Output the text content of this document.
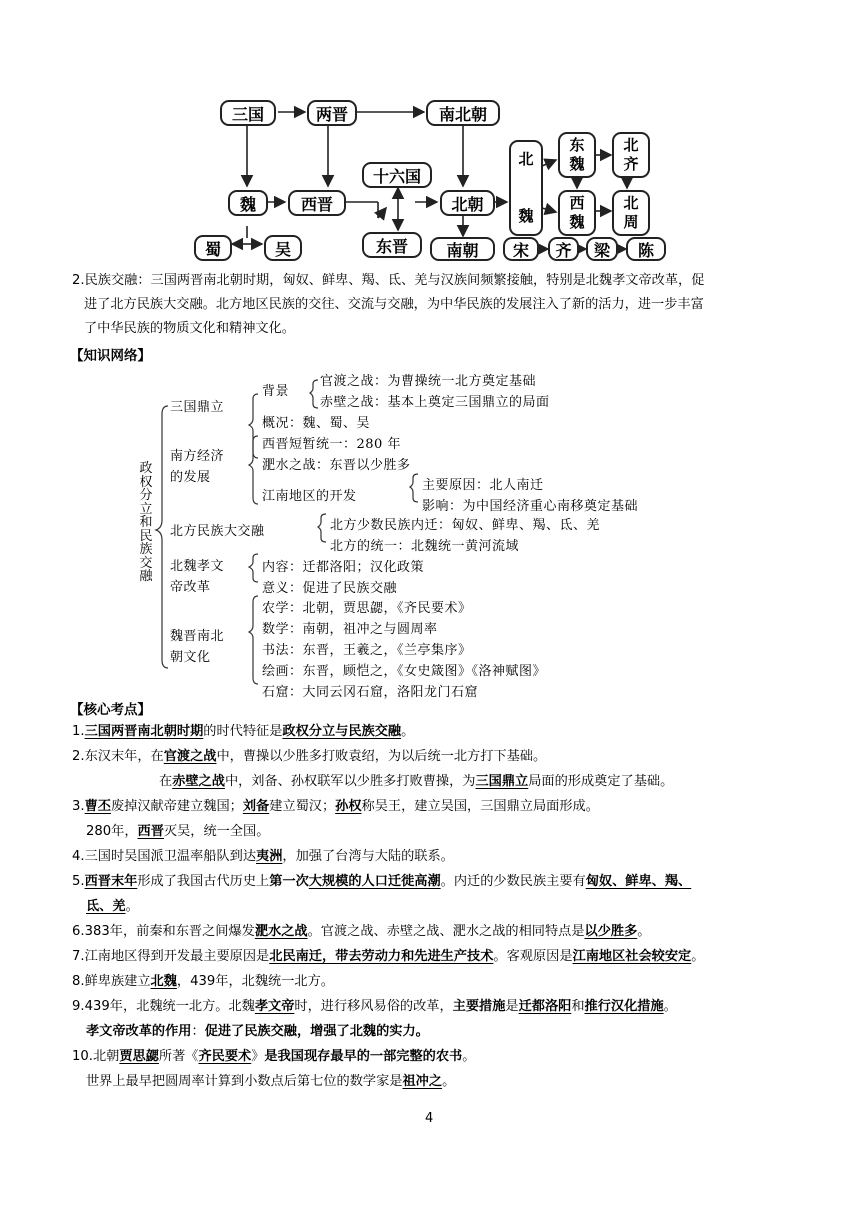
三国	两晋	南北朝
魏	西晋
十六国
北朝
北
魏
东
魏
西
魏
北
齐
北
周
蜀	吴	东晋	南朝	宋	齐	梁	陈
2.民族交融：三国两晋南北朝时期，匈奴、鲜卑、羯、氐、羌与汉族间频繁接触，特别是北魏孝文帝改革，促
进了北方民族大交融。北方地区民族的交往、交流与交融，为中华民族的发展注入了新的活力，进一步丰富
了中华民族的物质文化和精神文化。
【知识网络】
政
权
分
立
和
民
族
交
融
三国鼎立
背景
官渡之战：为曹操统一北方奠定基础
赤壁之战：基本上奠定三国鼎立的局面
概况：魏、蜀、吴
南方经济
的发展
西晋短暂统一：280 年
淝水之战：东晋以少胜多
江南地区的开发
主要原因：北人南迁
影响：为中国经济重心南移奠定基础
北方民族大交融	北方少数民族内迁：匈奴、鲜卑、羯、氐、羌
北方的统一：北魏统一黄河流域
北魏孝文
帝改革
内容：迁都洛阳；汉化政策
意义：促进了民族交融
魏晋南北
朝文化
农学：北朝，贾思勰，《齐民要术》
数学：南朝，祖冲之与圆周率
书法：东晋，王羲之，《兰亭集序》
绘画：东晋，顾恺之，《女史箴图》《洛神赋图》
石窟：大同云冈石窟，洛阳龙门石窟
【核心考点】
1.三国两晋南北朝时期的时代特征是政权分立与民族交融。
2.东汉末年，在官渡之战中，曹操以少胜多打败袁绍，为以后统一北方打下基础。
在赤壁之战中，刘备、孙权联军以少胜多打败曹操，为三国鼎立局面的形成奠定了基础。
3.曹丕废掉汉献帝建立魏国；刘备建立蜀汉；孙权称吴王，建立吴国，三国鼎立局面形成。
280年，西晋灭吴，统一全国。
4.三国时吴国派卫温率船队到达夷洲，加强了台湾与大陆的联系。
5.西晋末年形成了我国古代历史上第一次大规模的人口迁徙高潮。内迁的少数民族主要有匈奴、鲜卑、羯、
氐、羌。
6.383年，前秦和东晋之间爆发淝水之战。官渡之战、赤壁之战、淝水之战的相同特点是以少胜多。
7.江南地区得到开发最主要原因是北民南迁，带去劳动力和先进生产技术。客观原因是江南地区社会较安定。
8.鲜卑族建立北魏，439年，北魏统一北方。
9.439年，北魏统一北方。北魏孝文帝时，进行移风易俗的改革，主要措施是迁都洛阳和推行汉化措施。
孝文帝改革的作用：促进了民族交融，增强了北魏的实力。
10.北朝贾思勰所著《齐民要术》是我国现存最早的一部完整的农书。
世界上最早把圆周率计算到小数点后第七位的数学家是祖冲之。
4
